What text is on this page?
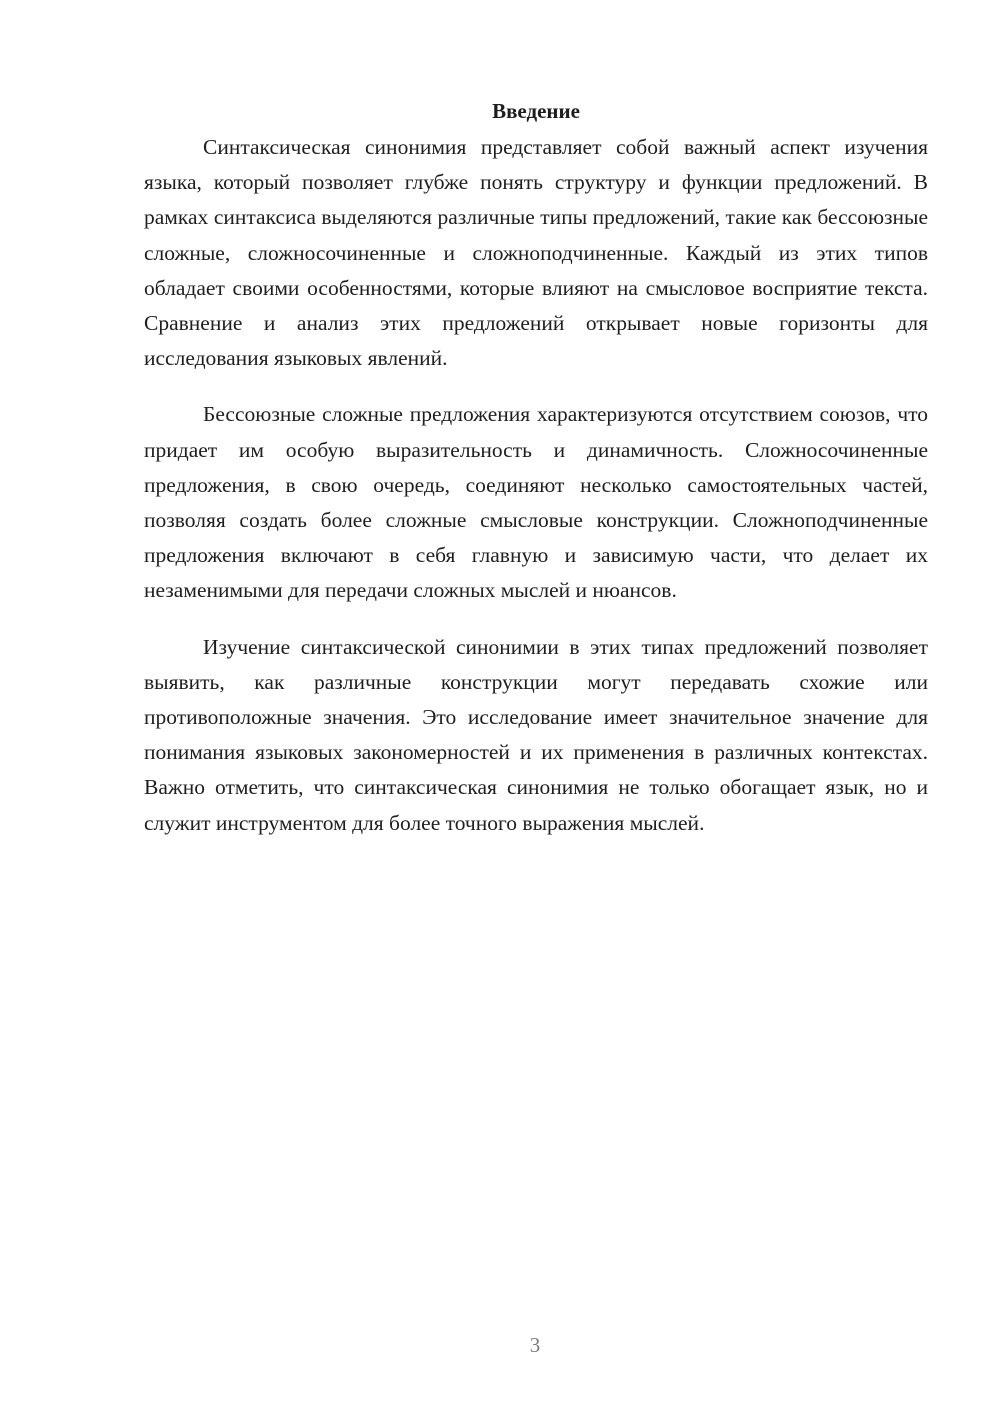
Введение

Синтаксическая синонимия представляет собой важный аспект изучения языка, который позволяет глубже понять структуру и функции предложений. В рамках синтаксиса выделяются различные типы предложений, такие как бессоюзные сложные, сложносочиненные и сложноподчиненные. Каждый из этих типов обладает своими особенностями, которые влияют на смысловое восприятие текста. Сравнение и анализ этих предложений открывает новые горизонты для исследования языковых явлений.

Бессоюзные сложные предложения характеризуются отсутствием союзов, что придает им особую выразительность и динамичность. Сложносочиненные предложения, в свою очередь, соединяют несколько самостоятельных частей, позволяя создать более сложные смысловые конструкции. Сложноподчиненные предложения включают в себя главную и зависимую части, что делает их незаменимыми для передачи сложных мыслей и нюансов.

Изучение синтаксической синонимии в этих типах предложений позволяет выявить, как различные конструкции могут передавать схожие или противоположные значения. Это исследование имеет значительное значение для понимания языковых закономерностей и их применения в различных контекстах. Важно отметить, что синтаксическая синонимия не только обогащает язык, но и служит инструментом для более точного выражения мыслей.

3
